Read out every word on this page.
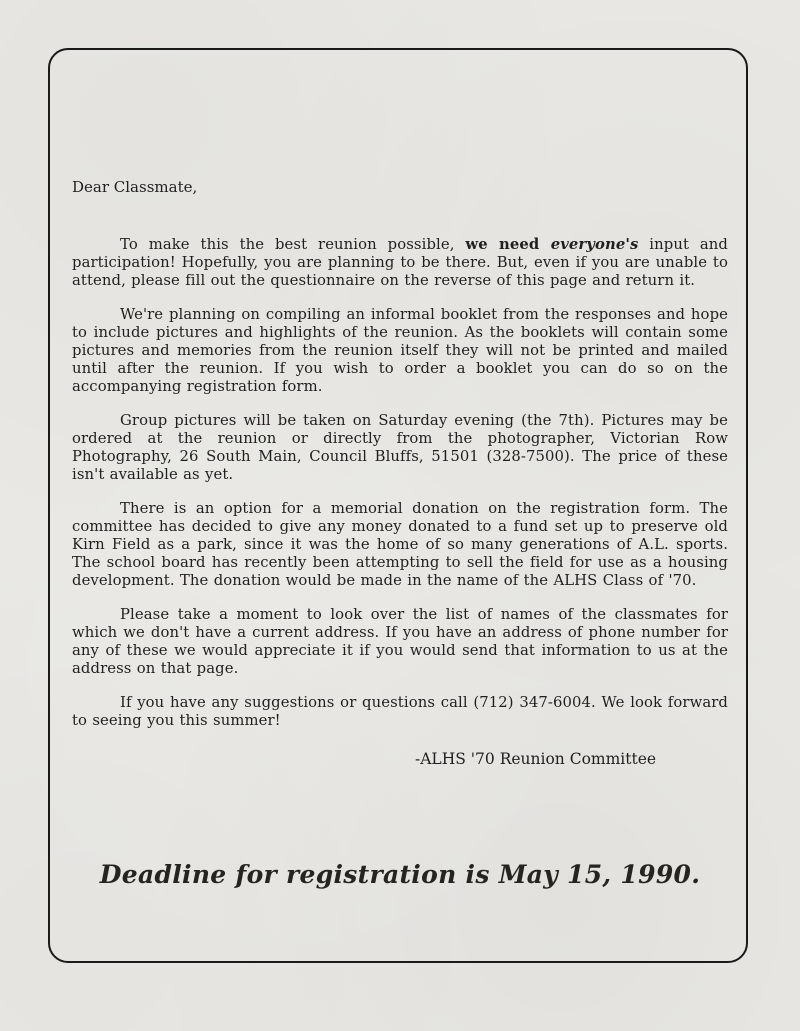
Dear Classmate,

To make this the best reunion possible, we need everyone's input and participation! Hopefully, you are planning to be there. But, even if you are unable to attend, please fill out the questionnaire on the reverse of this page and return it.

We're planning on compiling an informal booklet from the responses and hope to include pictures and highlights of the reunion. As the booklets will contain some pictures and memories from the reunion itself they will not be printed and mailed until after the reunion. If you wish to order a booklet you can do so on the accompanying registration form.

Group pictures will be taken on Saturday evening (the 7th). Pictures may be ordered at the reunion or directly from the photographer, Victorian Row Photography, 26 South Main, Council Bluffs, 51501 (328-7500). The price of these isn't available as yet.

There is an option for a memorial donation on the registration form. The committee has decided to give any money donated to a fund set up to preserve old Kirn Field as a park, since it was the home of so many generations of A.L. sports. The school board has recently been attempting to sell the field for use as a housing development. The donation would be made in the name of the ALHS Class of '70.

Please take a moment to look over the list of names of the classmates for which we don't have a current address. If you have an address of phone number for any of these we would appreciate it if you would send that information to us at the address on that page.

If you have any suggestions or questions call (712) 347-6004. We look forward to seeing you this summer!

-ALHS '70 Reunion Committee

Deadline for registration is May 15, 1990.
